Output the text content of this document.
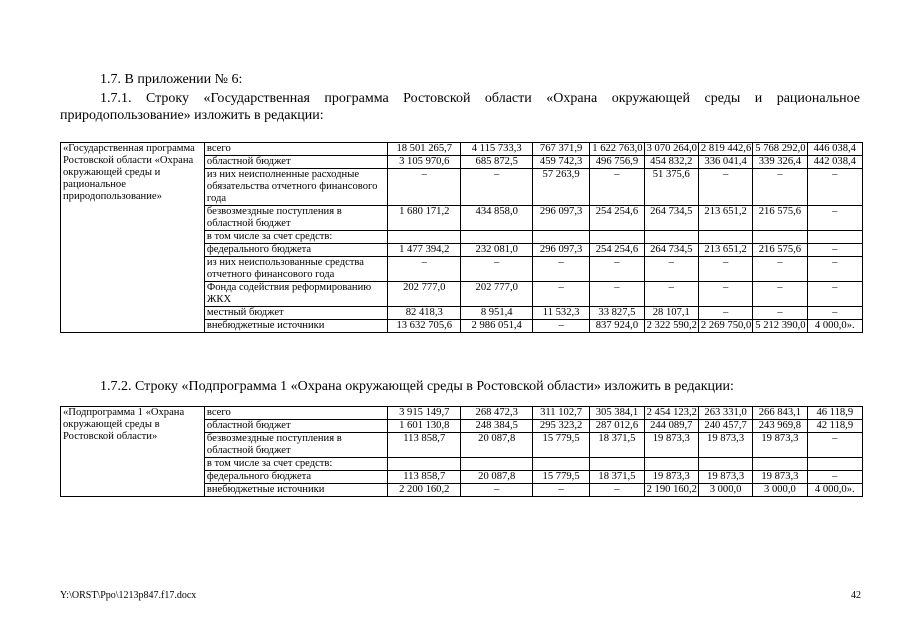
1.7. В приложении № 6:

1.7.1. Строку «Государственная программа Ростовской области «Охрана окружающей среды и рациональное природопользование» изложить в редакции:

«Государственная программа Ростовской области «Охрана окружающей среды и рациональное природопользование»	всего	18 501 265,7	4 115 733,3	767 371,9	1 622 763,0	3 070 264,0	2 819 442,6	5 768 292,0	446 038,4
	областной бюджет	3 105 970,6	685 872,5	459 742,3	496 756,9	454 832,2	336 041,4	339 326,4	442 038,4
	из них неисполненные расходные обязательства отчетного финансового года	–	–	57 263,9	–	51 375,6	–	–	–
	безвозмездные поступления в областной бюджет	1 680 171,2	434 858,0	296 097,3	254 254,6	264 734,5	213 651,2	216 575,6	–
	в том числе за счет средств:								
	федерального бюджета	1 477 394,2	232 081,0	296 097,3	254 254,6	264 734,5	213 651,2	216 575,6	–
	из них неиспользованные средства отчетного финансового года	–	–	–	–	–	–	–	–
	Фонда содействия реформированию ЖКХ	202 777,0	202 777,0	–	–	–	–	–	–
	местный бюджет	82 418,3	8 951,4	11 532,3	33 827,5	28 107,1	–	–	–
	внебюджетные источники	13 632 705,6	2 986 051,4	–	837 924,0	2 322 590,2	2 269 750,0	5 212 390,0	4 000,0».

1.7.2. Строку «Подпрограмма 1 «Охрана окружающей среды в Ростовской области» изложить в редакции:

«Подпрограмма 1 «Охрана окружающей среды в Ростовской области»	всего	3 915 149,7	268 472,3	311 102,7	305 384,1	2 454 123,2	263 331,0	266 843,1	46 118,9
	областной бюджет	1 601 130,8	248 384,5	295 323,2	287 012,6	244 089,7	240 457,7	243 969,8	42 118,9
	безвозмездные поступления в областной бюджет	113 858,7	20 087,8	15 779,5	18 371,5	19 873,3	19 873,3	19 873,3	–
	в том числе за счет средств:								
	федерального бюджета	113 858,7	20 087,8	15 779,5	18 371,5	19 873,3	19 873,3	19 873,3	–
	внебюджетные источники	2 200 160,2	–	–	–	2 190 160,2	3 000,0	3 000,0	4 000,0».
Y:\ORST\Ppo\1213p847.f17.docx	42
